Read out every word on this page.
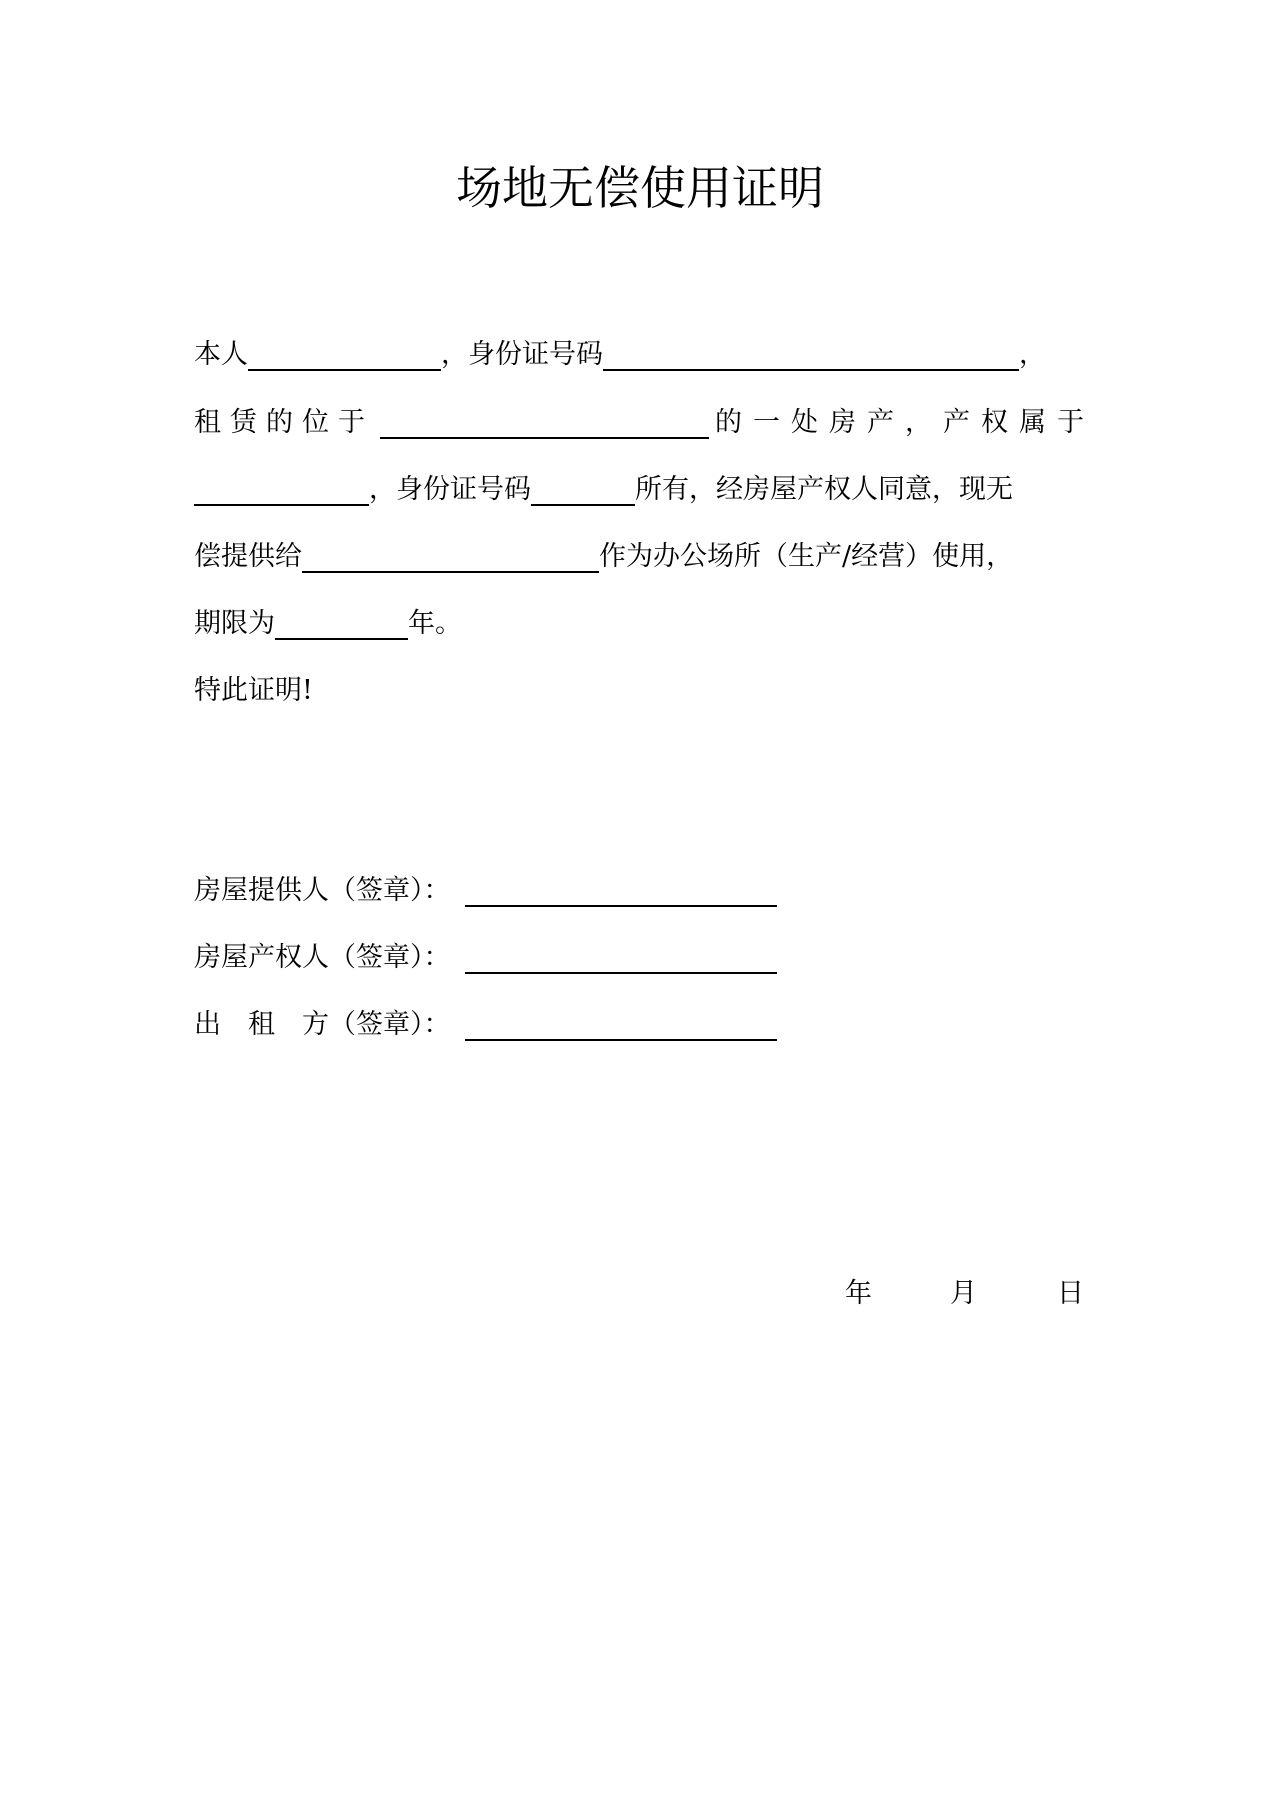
场地无偿使用证明
本人	，身份证号码	，
租赁的位于	的一处房产，产权属于
，身份证号码	所有，经房屋产权人同意，现无
偿提供给	作为办公场所（生产/经营）使用，
期限为	年。
特此证明!
房屋提供人（签章）：
房屋产权人（签章）：
出　租　方（签章）：
年	月	日
